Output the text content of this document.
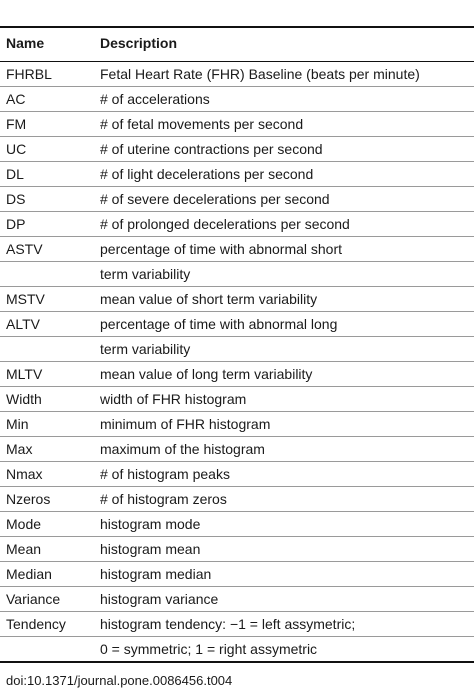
Name	Description
FHRBL	Fetal Heart Rate (FHR) Baseline (beats per minute)
AC	# of accelerations
FM	# of fetal movements per second
UC	# of uterine contractions per second
DL	# of light decelerations per second
DS	# of severe decelerations per second
DP	# of prolonged decelerations per second
ASTV	percentage of time with abnormal short
term variability
MSTV	mean value of short term variability
ALTV	percentage of time with abnormal long
term variability
MLTV	mean value of long term variability
Width	width of FHR histogram
Min	minimum of FHR histogram
Max	maximum of the histogram
Nmax	# of histogram peaks
Nzeros	# of histogram zeros
Mode	histogram mode
Mean	histogram mean
Median	histogram median
Variance	histogram variance
Tendency histogram tendency: −1 = left assymetric;
0 = symmetric; 1 = right assymetric
doi:10.1371/journal.pone.0086456.t004
